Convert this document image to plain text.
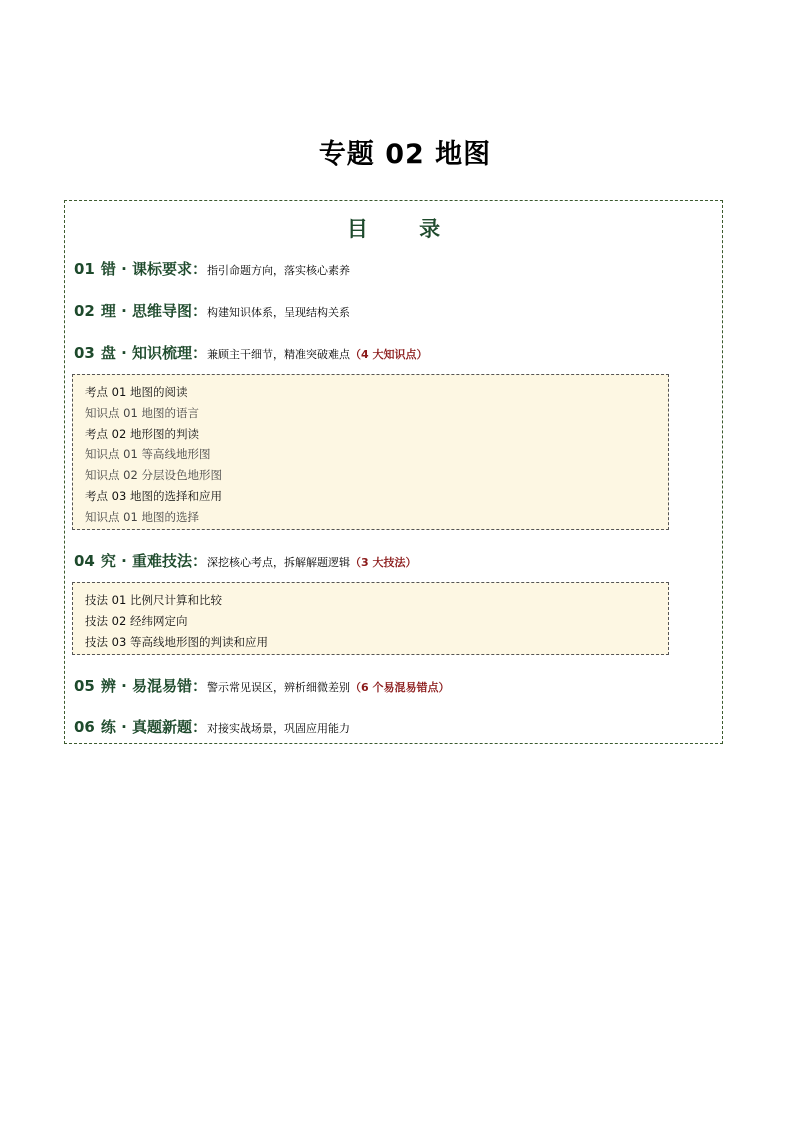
专题 02 地图
目 录
01 错 · 课标要求：指引命题方向，落实核心素养
02 理 · 思维导图：构建知识体系，呈现结构关系
03 盘 · 知识梳理：兼顾主干细节，精准突破难点（4 大知识点）
考点 01 地图的阅读
知识点 01 地图的语言
考点 02 地形图的判读
知识点 01 等高线地形图
知识点 02 分层设色地形图
考点 03 地图的选择和应用
知识点 01 地图的选择
04 究 · 重难技法：深挖核心考点，拆解解题逻辑（3 大技法）
技法 01 比例尺计算和比较
技法 02 经纬网定向
技法 03 等高线地形图的判读和应用
05 辨 · 易混易错：警示常见误区，辨析细微差别（6 个易混易错点）
06 练 · 真题新题：对接实战场景，巩固应用能力
